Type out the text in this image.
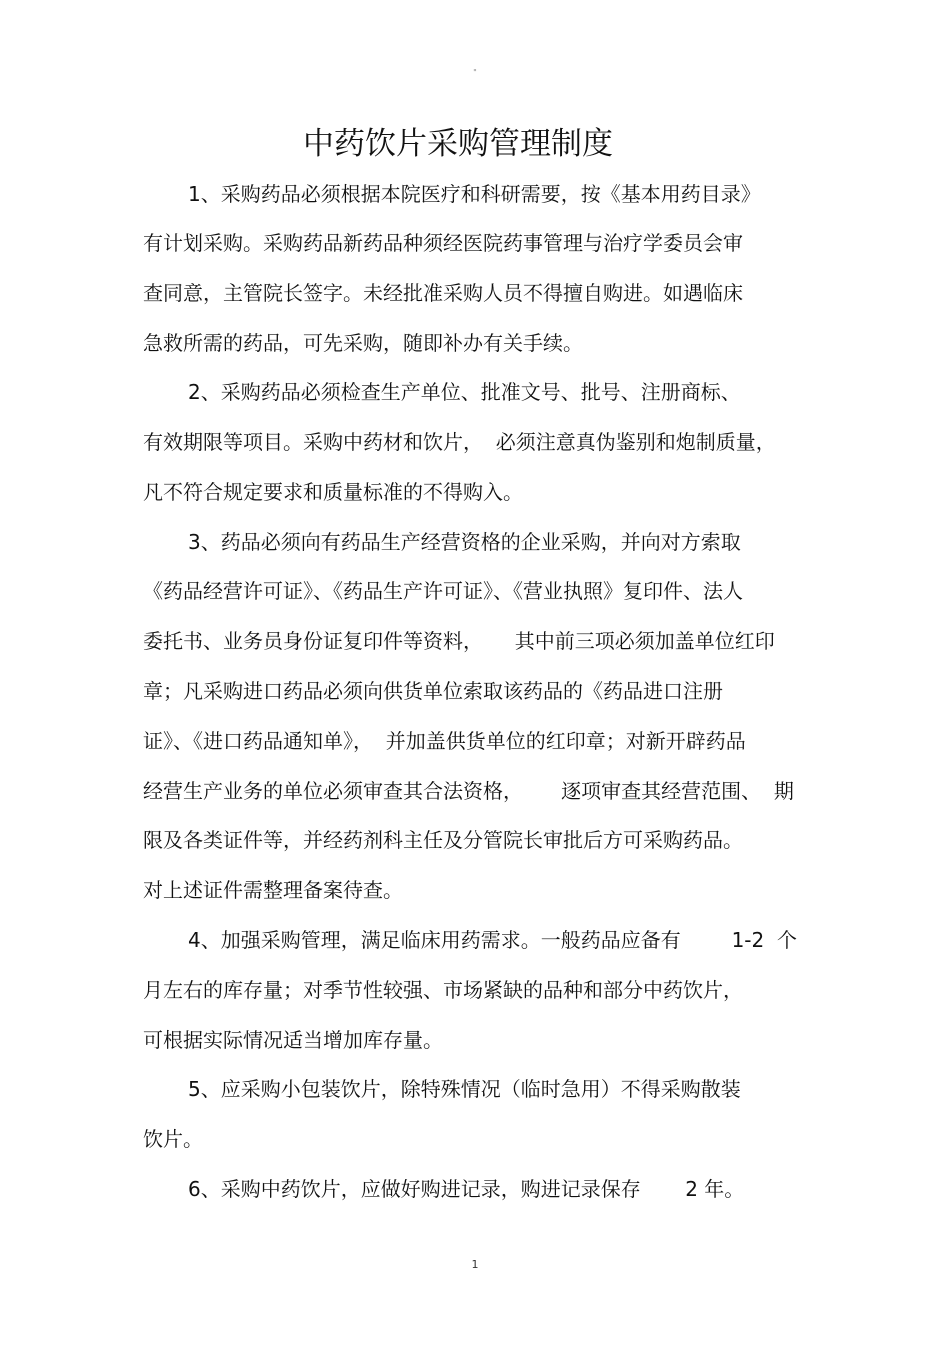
"
中药饮片采购管理制度
1、采购药品必须根据本院医疗和科研需要，按《基本用药目录》
有计划采购。采购药品新药品种须经医院药事管理与治疗学委员会审
查同意，主管院长签字。未经批准采购人员不得擅自购进。如遇临床
急救所需的药品，可先采购，随即补办有关手续。
2、采购药品必须检查生产单位、批准文号、批号、注册商标、
有效期限等项目。采购中药材和饮片，  必须注意真伪鉴别和炮制质量，
凡不符合规定要求和质量标准的不得购入。
3、药品必须向有药品生产经营资格的企业采购，并向对方索取
《药品经营许可证》、《药品生产许可证》、《营业执照》复印件、法人
委托书、业务员身份证复印件等资料，     其中前三项必须加盖单位红印
章；凡采购进口药品必须向供货单位索取该药品的《药品进口注册
证》、《进口药品通知单》，  并加盖供货单位的红印章；对新开辟药品
经营生产业务的单位必须审查其合法资格，      逐项审查其经营范围、  期
限及各类证件等，并经药剂科主任及分管院长审批后方可采购药品。
对上述证件需整理备案待查。
4、加强采购管理，满足临床用药需求。一般药品应备有        1-2  个
月左右的库存量；对季节性较强、市场紧缺的品种和部分中药饮片，
可根据实际情况适当增加库存量。
5、应采购小包装饮片，除特殊情况（临时急用）不得采购散装
饮片。
6、采购中药饮片，应做好购进记录，购进记录保存       2 年。
1
